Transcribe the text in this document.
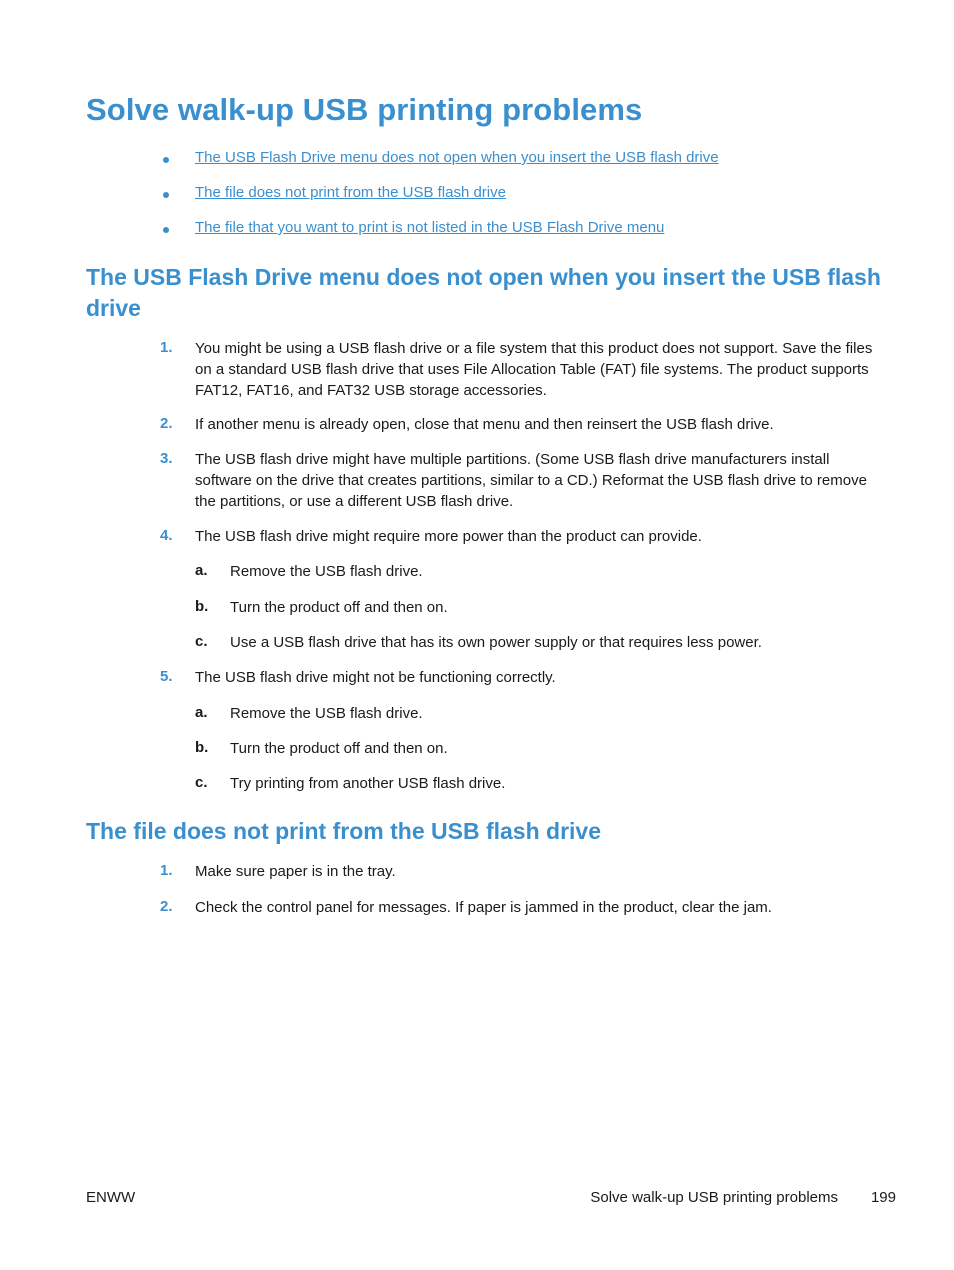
Solve walk-up USB printing problems
The USB Flash Drive menu does not open when you insert the USB flash drive
The file does not print from the USB flash drive
The file that you want to print is not listed in the USB Flash Drive menu
The USB Flash Drive menu does not open when you insert the USB flash drive
1. You might be using a USB flash drive or a file system that this product does not support. Save the files on a standard USB flash drive that uses File Allocation Table (FAT) file systems. The product supports FAT12, FAT16, and FAT32 USB storage accessories.
2. If another menu is already open, close that menu and then reinsert the USB flash drive.
3. The USB flash drive might have multiple partitions. (Some USB flash drive manufacturers install software on the drive that creates partitions, similar to a CD.) Reformat the USB flash drive to remove the partitions, or use a different USB flash drive.
4. The USB flash drive might require more power than the product can provide.
a. Remove the USB flash drive.
b. Turn the product off and then on.
c. Use a USB flash drive that has its own power supply or that requires less power.
5. The USB flash drive might not be functioning correctly.
a. Remove the USB flash drive.
b. Turn the product off and then on.
c. Try printing from another USB flash drive.
The file does not print from the USB flash drive
1. Make sure paper is in the tray.
2. Check the control panel for messages. If paper is jammed in the product, clear the jam.
ENWW	Solve walk-up USB printing problems 199
